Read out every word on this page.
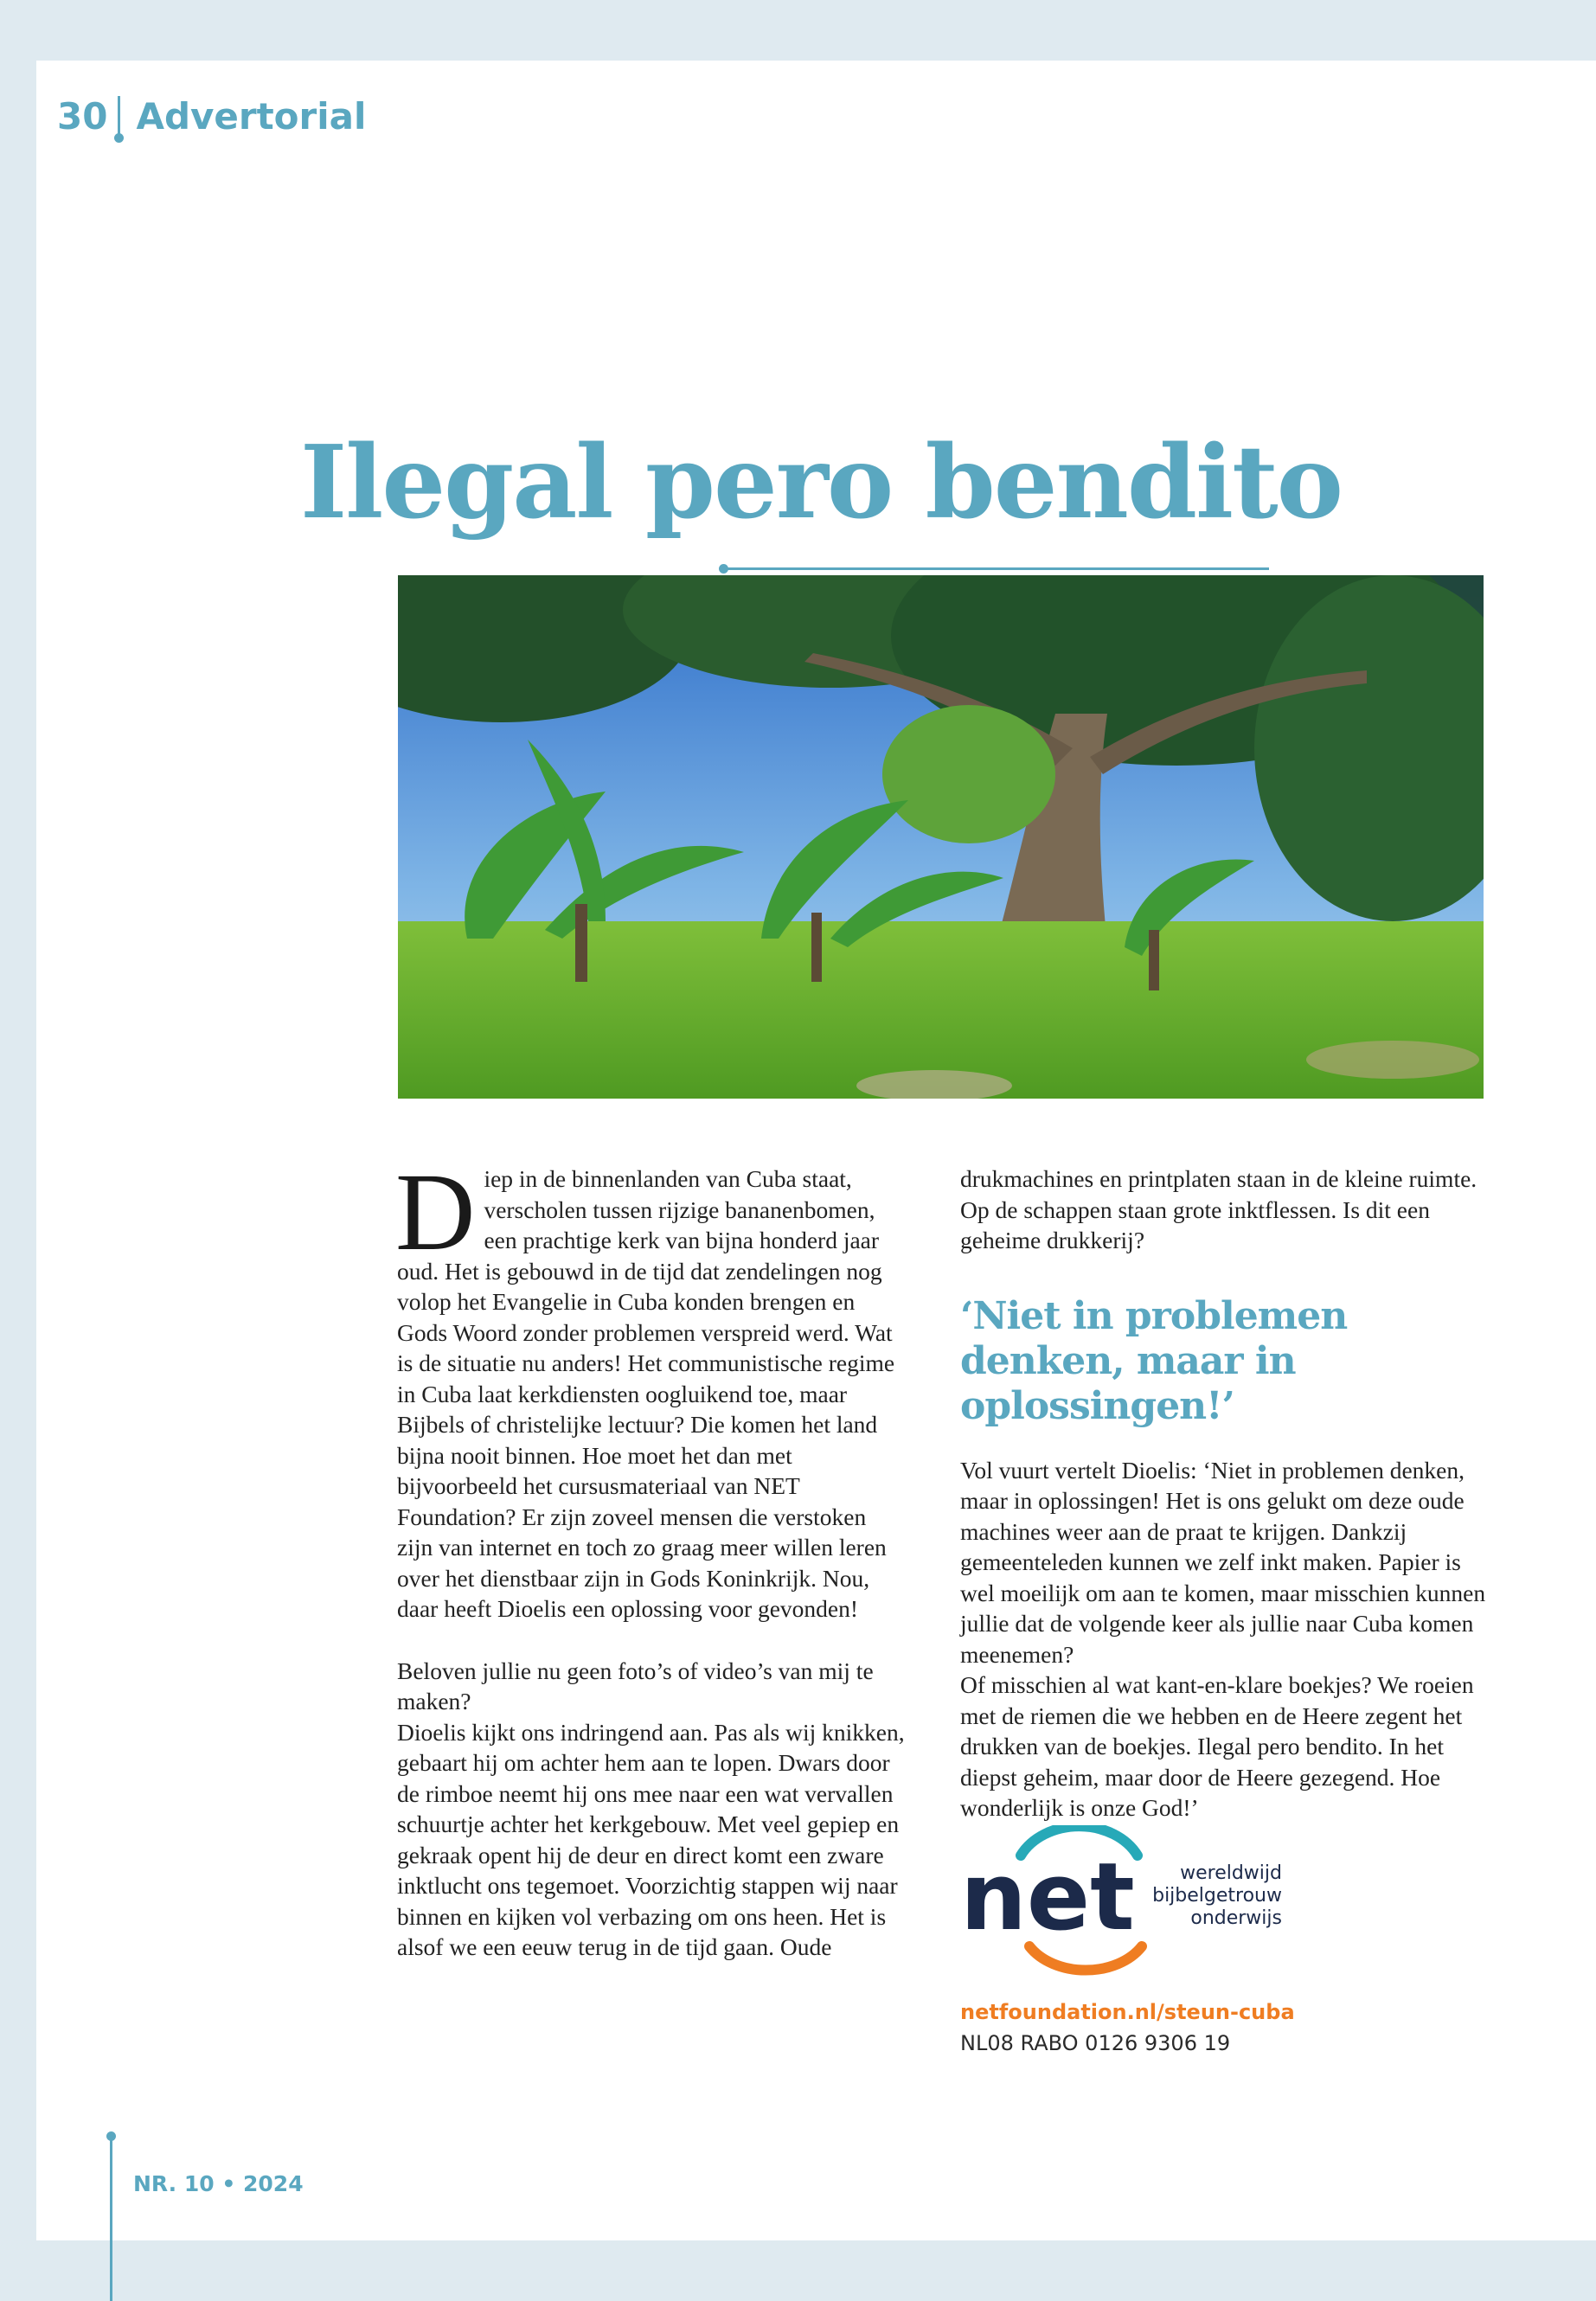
30 Advertorial
Ilegal pero bendito
NR. 10 • 2024

D iep in de binnenlanden van Cuba staat, verscholen tussen rijzige bananenbomen, een prachtige kerk van bijna honderd jaar oud. Het is gebouwd in de tijd dat zendelingen nog volop het Evangelie in Cuba konden brengen en Gods Woord zonder problemen verspreid werd. Wat is de situatie nu anders! Het communistische regime in Cuba laat kerkdiensten oogluikend toe, maar Bijbels of christelijke lectuur? Die komen het land bijna nooit binnen. Hoe moet het dan met bijvoorbeeld het cursusmateriaal van NET Foundation? Er zijn zoveel mensen die verstoken zijn van internet en toch zo graag meer willen leren over het dienstbaar zijn in Gods Koninkrijk. Nou, daar heeft Dioelis een oplossing voor gevonden!

Beloven jullie nu geen foto’s of video’s van mij te maken?

Dioelis kijkt ons indringend aan. Pas als wij knikken, gebaart hij om achter hem aan te lopen. Dwars door de rimboe neemt hij ons mee naar een wat vervallen schuurtje achter het kerkgebouw. Met veel gepiep en gekraak opent hij de deur en direct komt een zware inktlucht ons tegemoet. Voorzichtig stappen wij naar binnen en kijken vol verbazing om ons heen. Het is alsof we een eeuw terug in de tijd gaan. Oude

drukmachines en printplaten staan in de kleine ruimte. Op de schappen staan grote inktflessen. Is dit een geheime drukkerij?

‘Niet in problemen denken, maar in oplossingen!’

Vol vuurt vertelt Dioelis: ‘Niet in problemen denken, maar in oplossingen! Het is ons gelukt om deze oude machines weer aan de praat te krijgen. Dankzij gemeenteleden kunnen we zelf inkt maken. Papier is wel moeilijk om aan te komen, maar misschien kunnen jullie dat de volgende keer als jullie naar Cuba komen meenemen?

Of misschien al wat kant-en-klare boekjes? We roeien met de riemen die we hebben en de Heere zegent het drukken van de boekjes. Ilegal pero bendito. In het diepst geheim, maar door de Heere gezegend. Hoe wonderlijk is onze God!’

net wereldwijd
bijbelgetrouw
onderwijs
netfoundation.nl/steun-cuba
NL08 RABO 0126 9306 19
